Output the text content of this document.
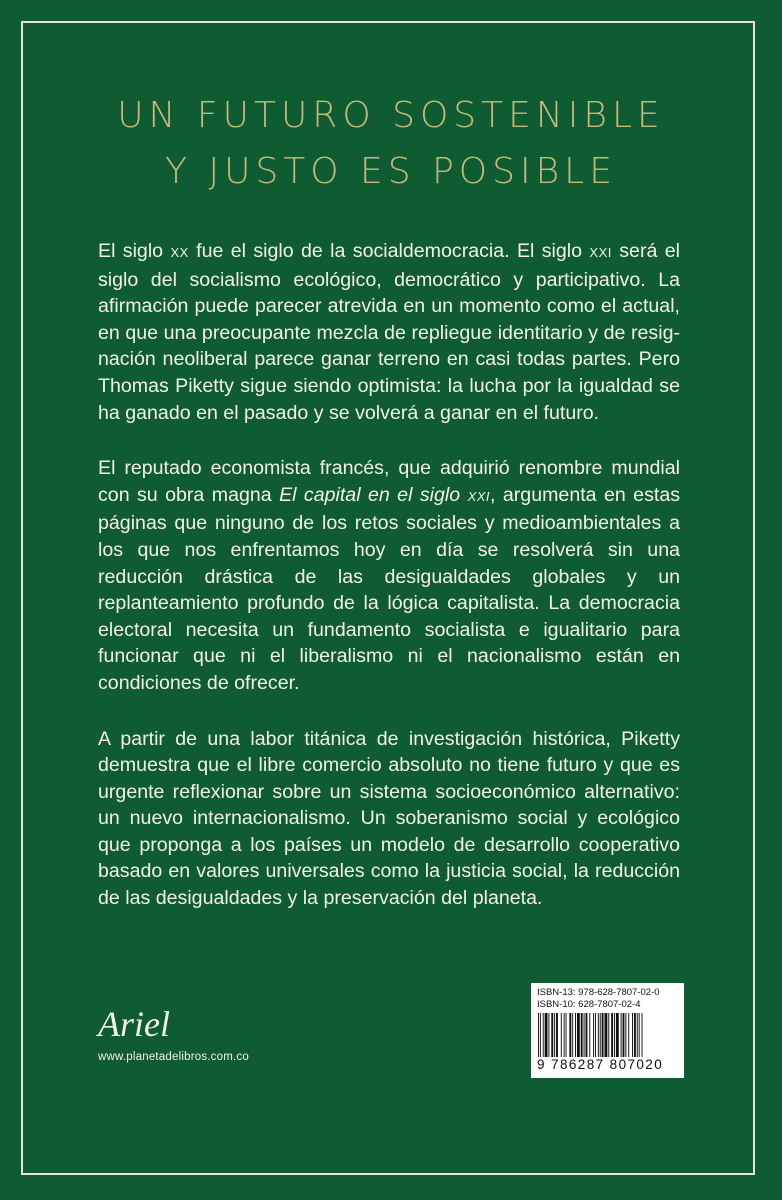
UN FUTURO SOSTENIBLE
Y JUSTO ES POSIBLE

El siglo XX fue el siglo de la socialdemocracia. El siglo XXI será el siglo del socialismo ecológico, democrático y participativo. La afirmación puede parecer atrevida en un momento como el actual, en que una preocupante mezcla de repliegue identitario y de resignación neoliberal parece ganar terreno en casi todas partes. Pero Thomas Piketty sigue siendo optimista: la lucha por la igualdad se ha ganado en el pasado y se volverá a ganar en el futuro.

El reputado economista francés, que adquirió renombre mundial con su obra magna El capital en el siglo XXI, argumenta en estas páginas que ninguno de los retos sociales y medioambientales a los que nos enfrentamos hoy en día se resolverá sin una reducción drástica de las desigualdades globales y un replanteamiento profundo de la lógica capitalista. La democracia electoral necesita un fundamento socialista e igualitario para funcionar que ni el liberalismo ni el nacionalismo están en condiciones de ofrecer.

A partir de una labor titánica de investigación histórica, Piketty demuestra que el libre comercio absoluto no tiene futuro y que es urgente reflexionar sobre un sistema socioeconómico alternativo: un nuevo internacionalismo. Un soberanismo social y ecológico que proponga a los países un modelo de desarrollo cooperativo basado en valores universales como la justicia social, la reducción de las desigualdades y la preservación del planeta.

Ariel
www.planetadelibros.com.co
ISBN-13: 978-628-7807-02-0
ISBN-10: 628-7807-02-4
9 786287 807020
